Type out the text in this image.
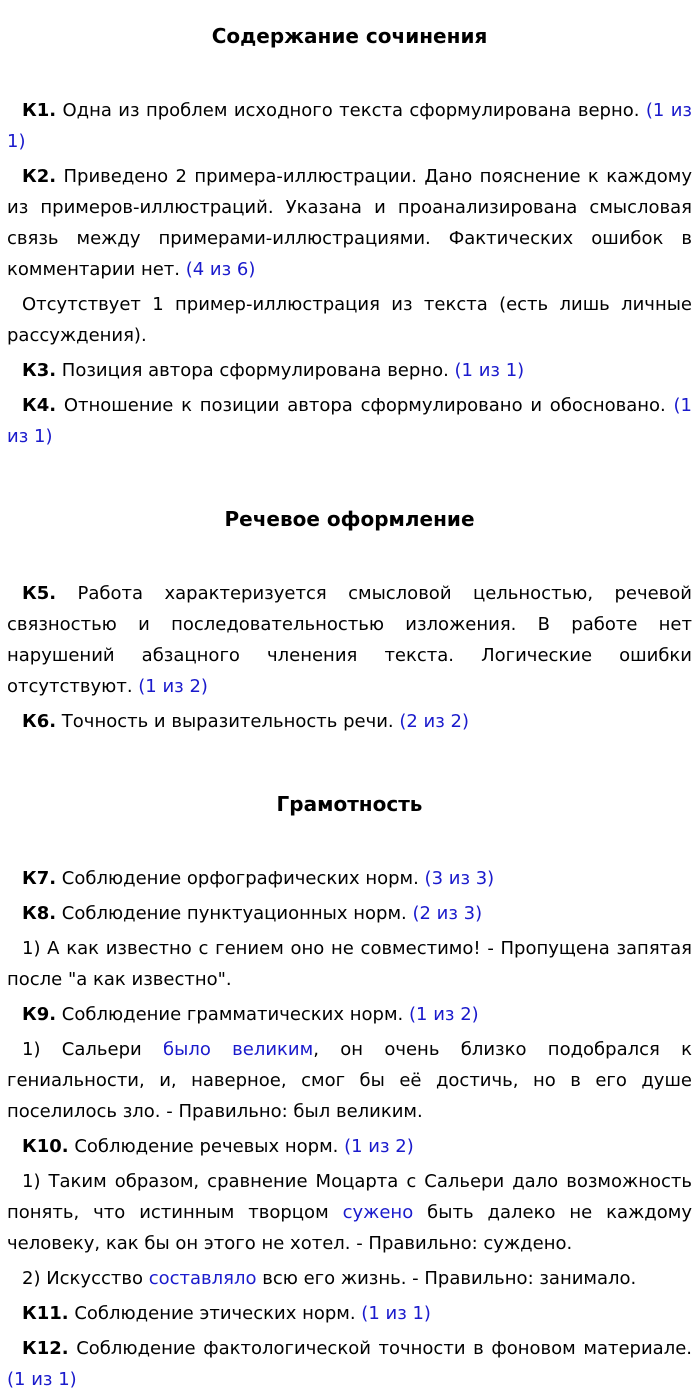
Содержание сочинения

К1. Одна из проблем исходного текста сформулирована верно. (1 из 1)

К2. Приведено 2 примера-иллюстрации. Дано пояснение к каждому из примеров-иллюстраций. Указана и проанализирована смысловая связь между примерами-иллюстрациями. Фактических ошибок в комментарии нет. (4 из 6)

Отсутствует 1 пример-иллюстрация из текста (есть лишь личные рассуждения).

К3. Позиция автора сформулирована верно. (1 из 1)

К4. Отношение к позиции автора сформулировано и обосновано. (1 из 1)

Речевое оформление

К5. Работа характеризуется смысловой цельностью, речевой связностью и последовательностью изложения. В работе нет нарушений абзацного членения текста. Логические ошибки отсутствуют. (1 из 2)

К6. Точность и выразительность речи. (2 из 2)

Грамотность

К7. Соблюдение орфографических норм. (3 из 3)

К8. Соблюдение пунктуационных норм. (2 из 3)

1) А как известно с гением оно не совместимо! - Пропущена запятая после "а как известно".

К9. Соблюдение грамматических норм. (1 из 2)

1) Сальери было великим, он очень близко подобрался к гениальности, и, наверное, смог бы её достичь, но в его душе поселилось зло. - Правильно: был великим.

К10. Соблюдение речевых норм. (1 из 2)

1) Таким образом, сравнение Моцарта с Сальери дало возможность понять, что истинным творцом сужено быть далеко не каждому человеку, как бы он этого не хотел. - Правильно: суждено.

2) Искусство составляло всю его жизнь. - Правильно: занимало.

К11. Соблюдение этических норм. (1 из 1)

К12. Соблюдение фактологической точности в фоновом материале. (1 из 1)
